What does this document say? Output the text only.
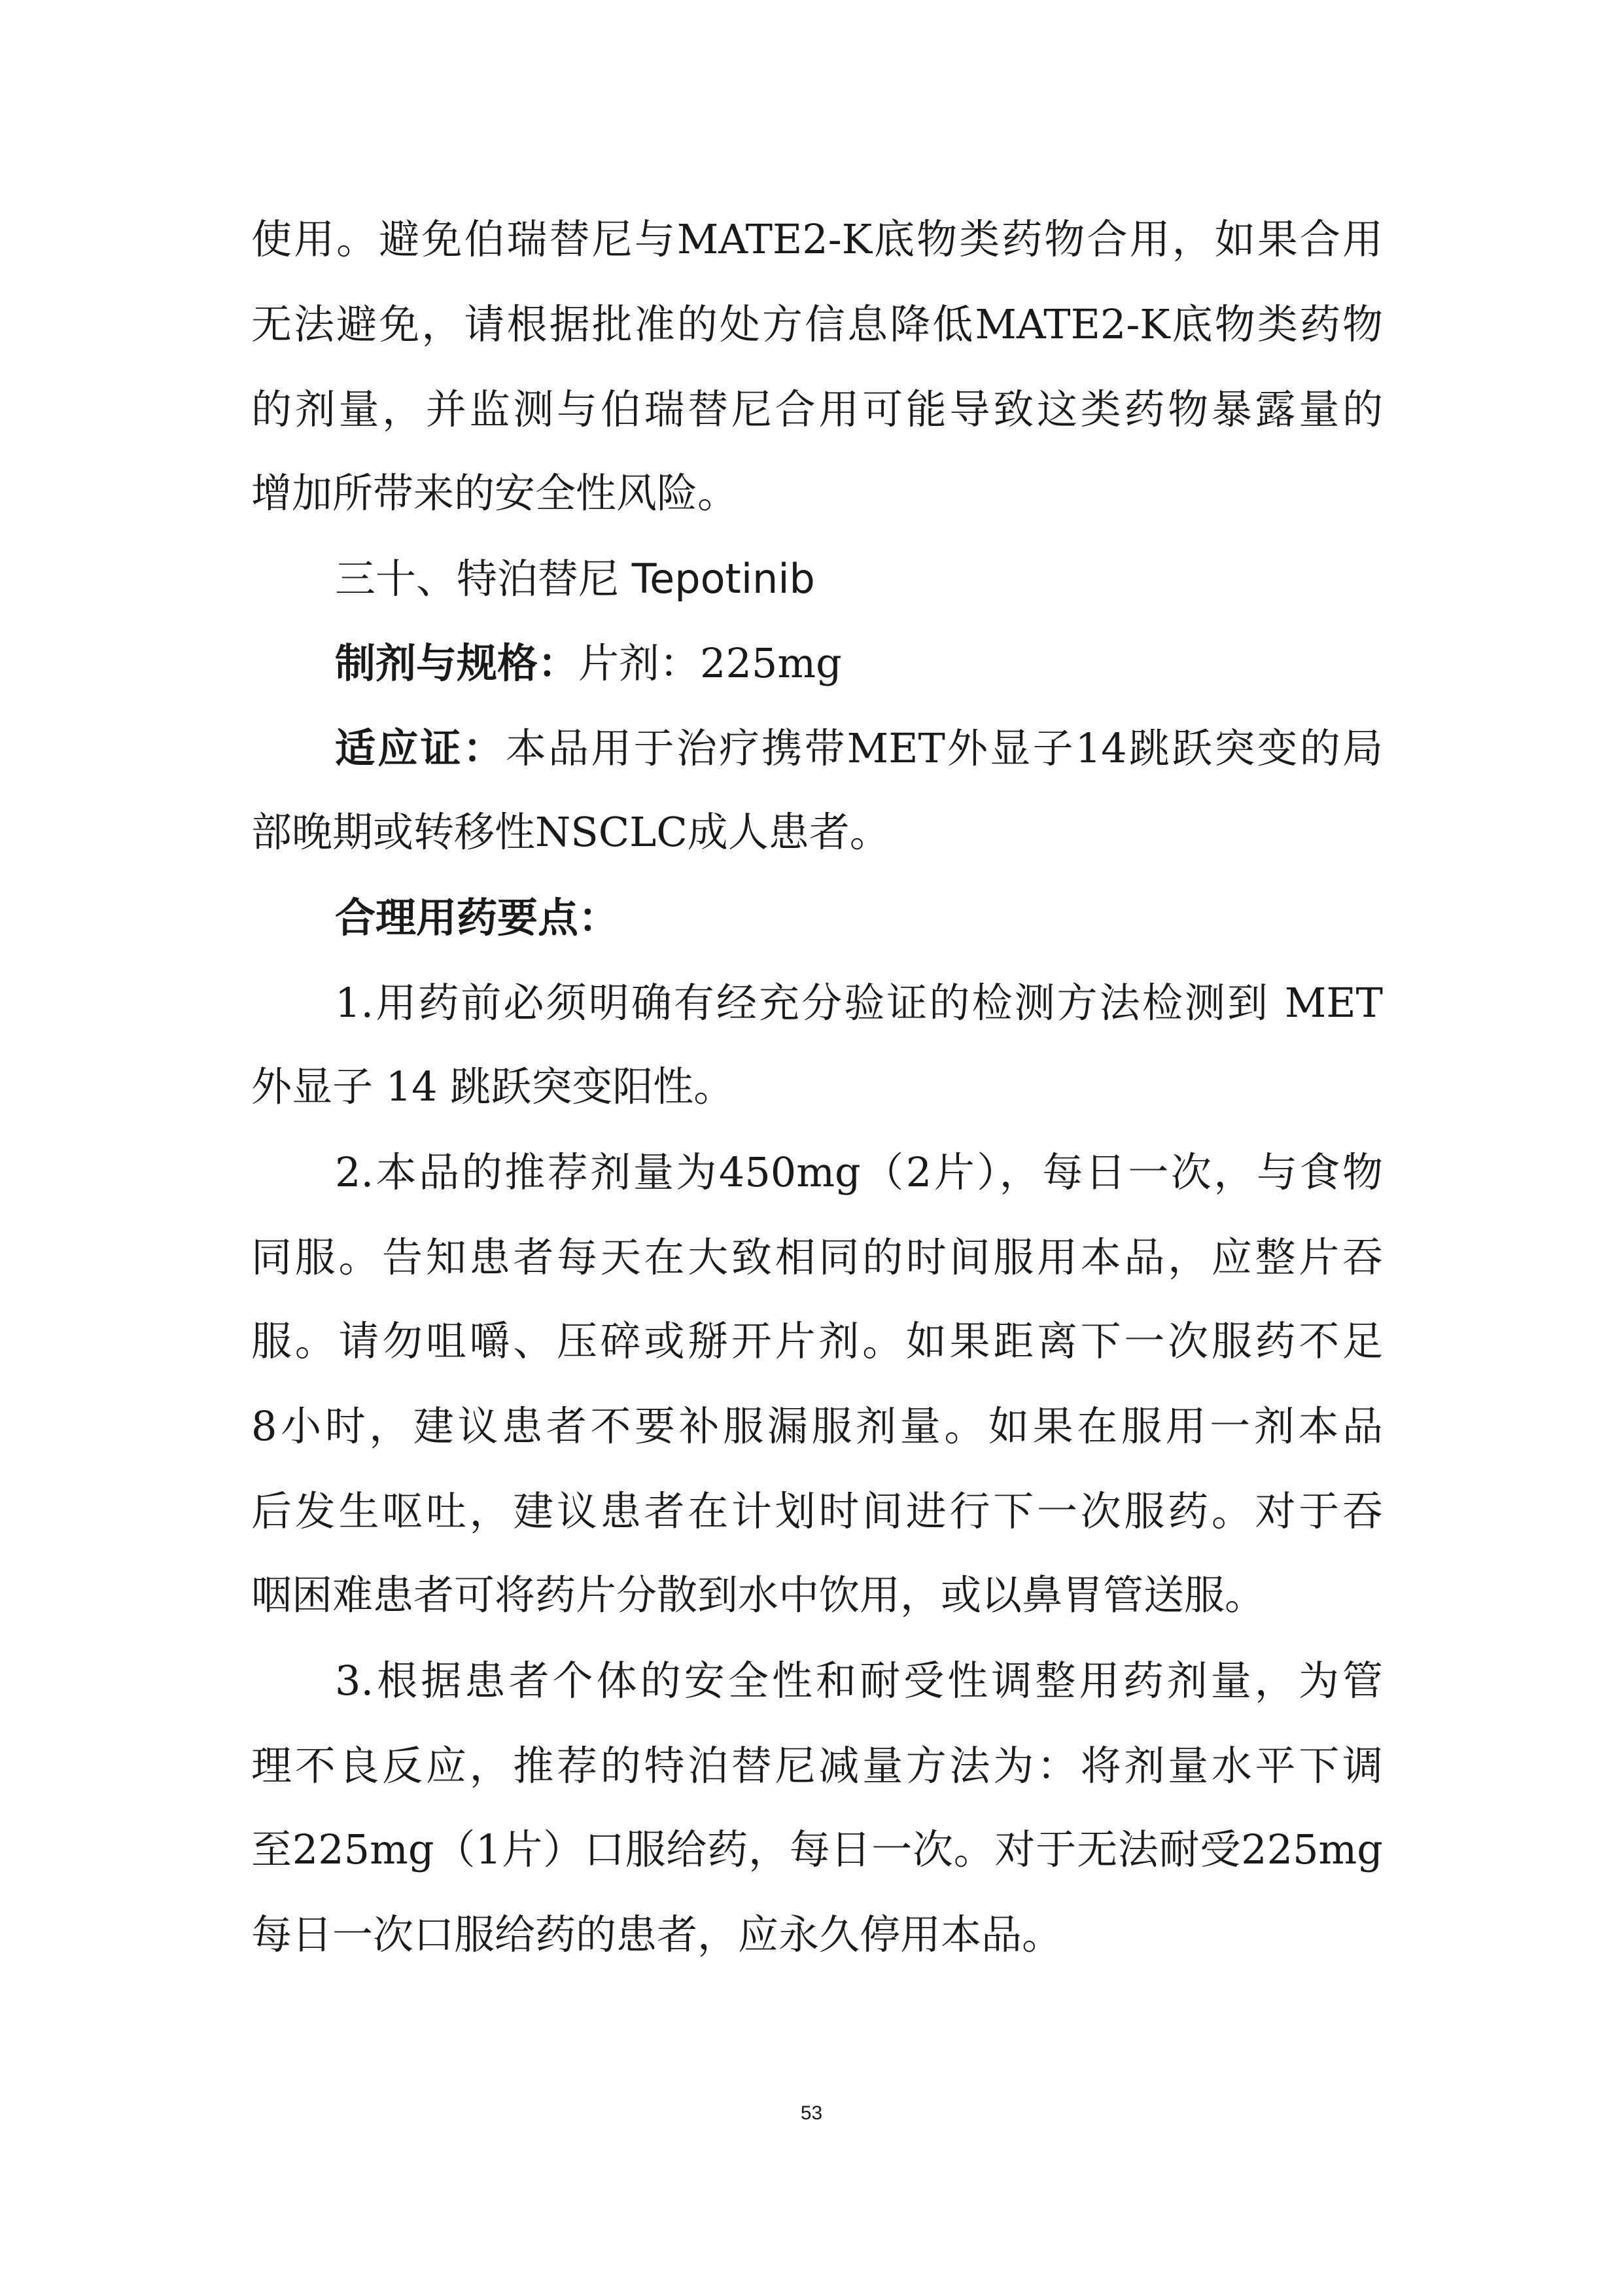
使用。避免伯瑞替尼与MATE2-K底物类药物合用，如果合用
无法避免，请根据批准的处方信息降低MATE2-K底物类药物
的剂量，并监测与伯瑞替尼合用可能导致这类药物暴露量的
增加所带来的安全性风险。
三十、特泊替尼 Tepotinib
制剂与规格：片剂：225mg
适应证：本品用于治疗携带MET外显子14跳跃突变的局
部晚期或转移性NSCLC成人患者。
合理用药要点：
1.用药前必须明确有经充分验证的检测方法检测到 MET
外显子 14 跳跃突变阳性。
2.本品的推荐剂量为450mg（2片），每日一次，与食物
同服。告知患者每天在大致相同的时间服用本品，应整片吞
服。请勿咀嚼、压碎或掰开片剂。如果距离下一次服药不足
8小时，建议患者不要补服漏服剂量。如果在服用一剂本品
后发生呕吐，建议患者在计划时间进行下一次服药。对于吞
咽困难患者可将药片分散到水中饮用，或以鼻胃管送服。
3.根据患者个体的安全性和耐受性调整用药剂量，为管
理不良反应，推荐的特泊替尼减量方法为：将剂量水平下调
至225mg（1片）口服给药，每日一次。对于无法耐受225mg
每日一次口服给药的患者，应永久停用本品。
53
